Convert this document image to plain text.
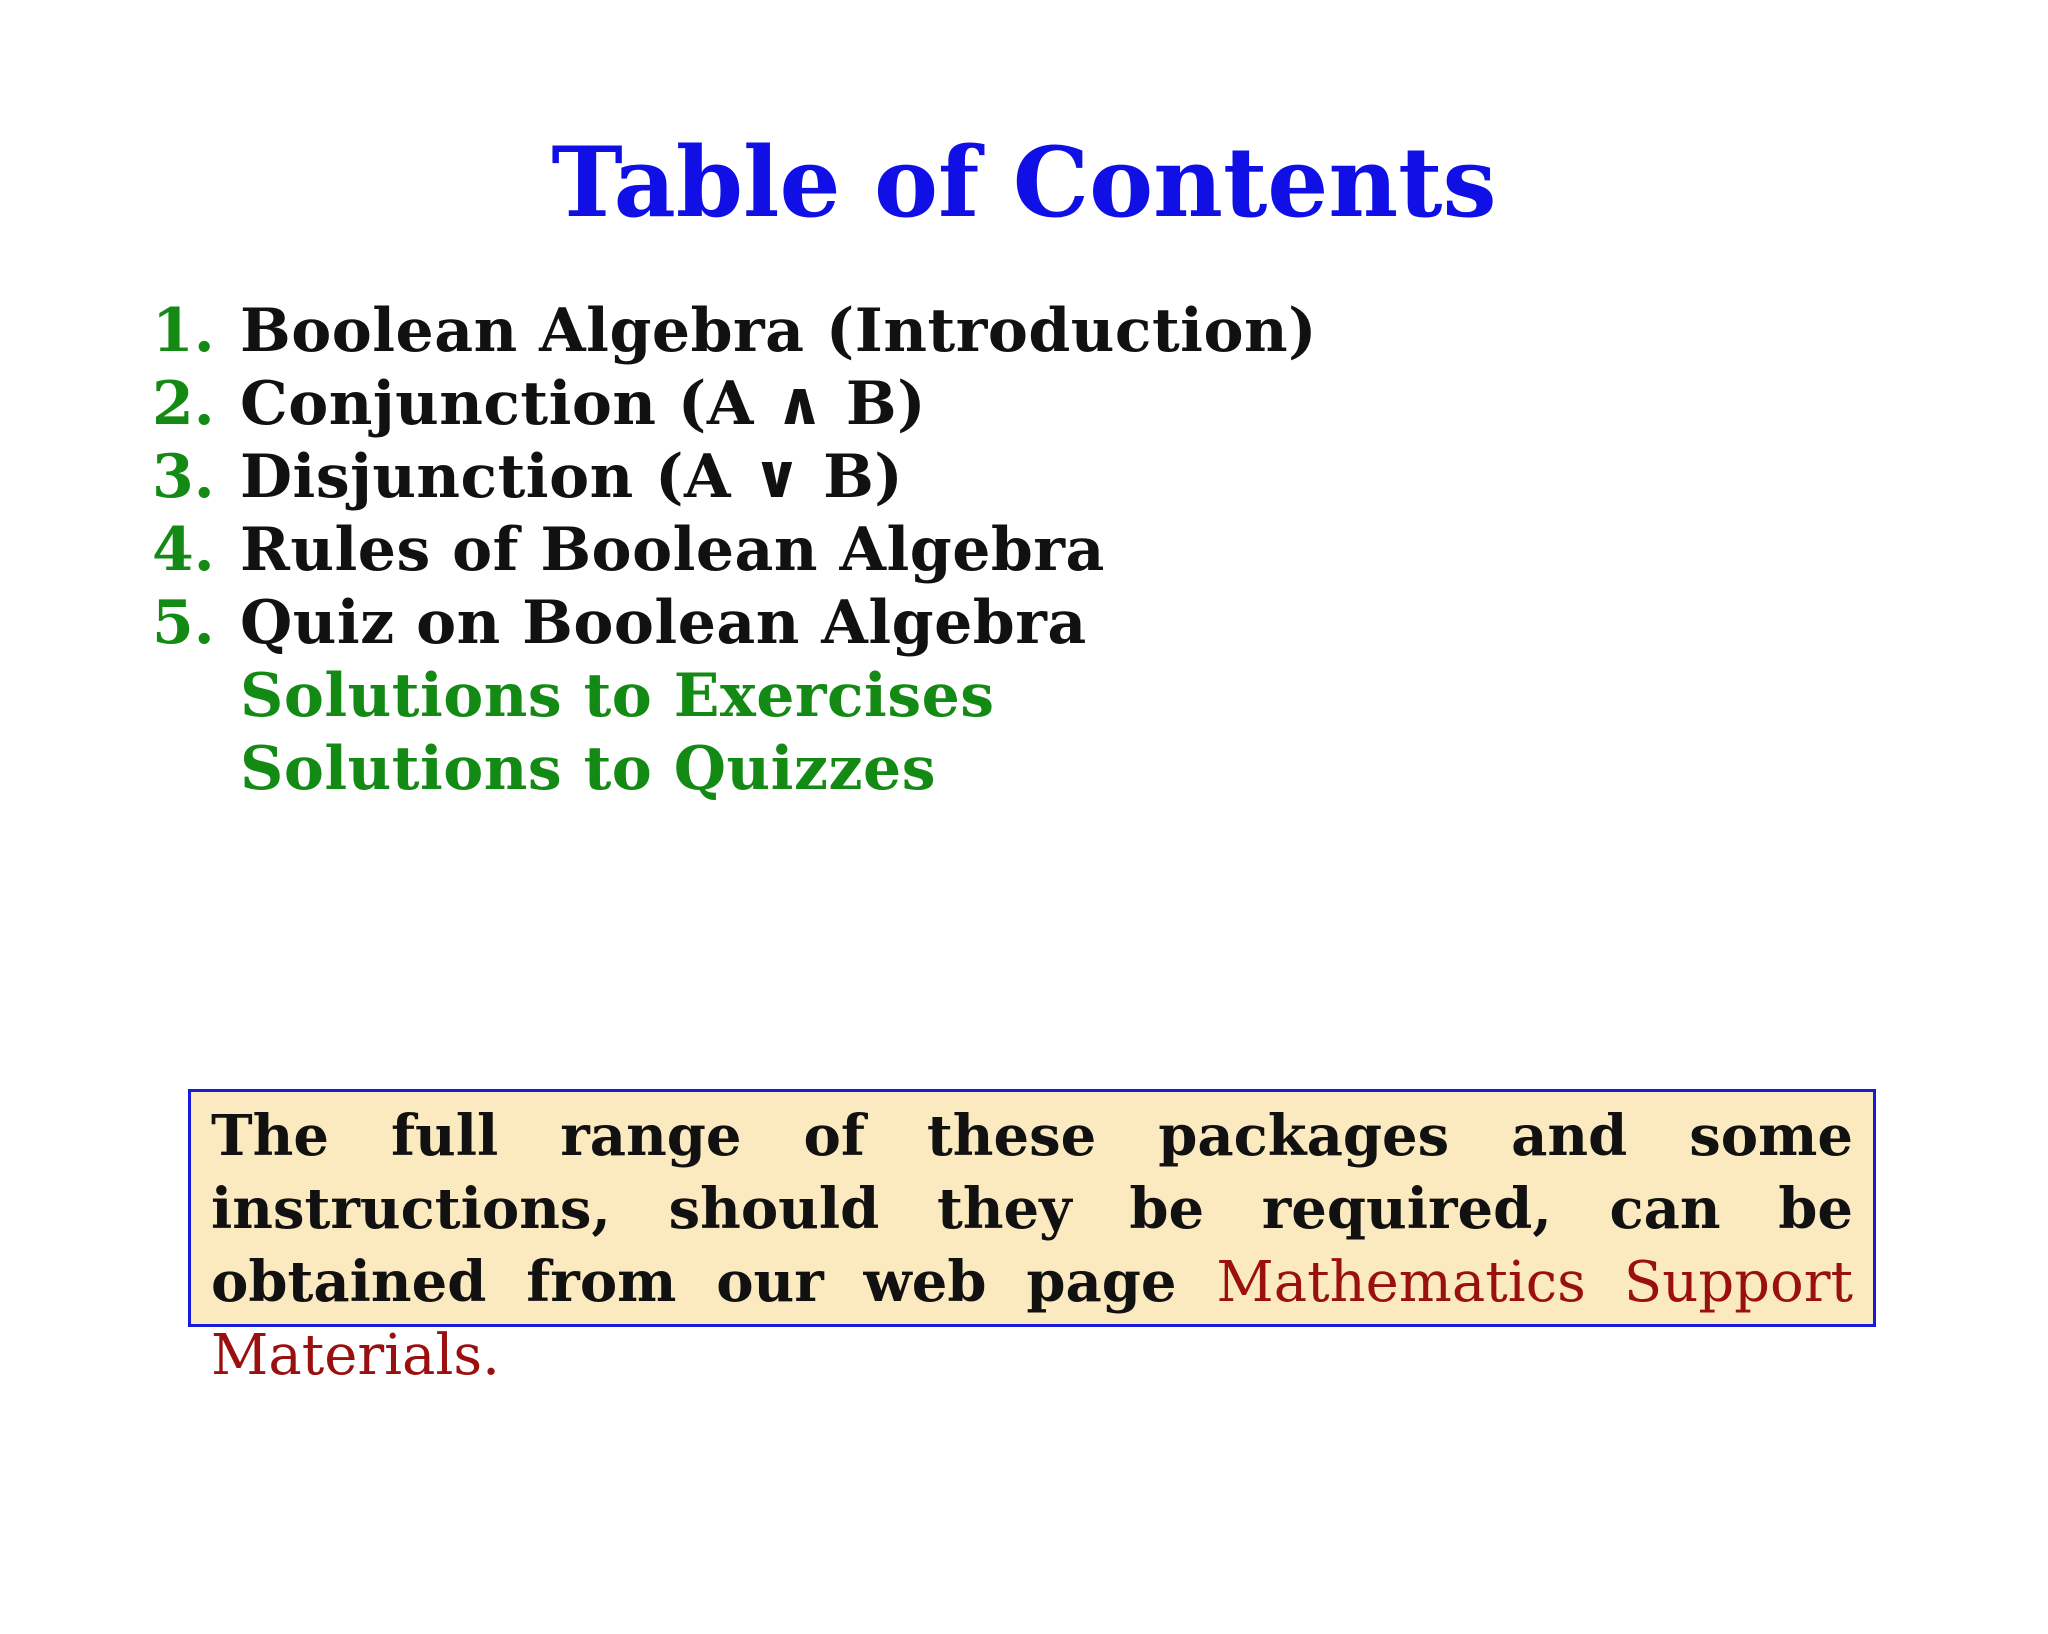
Table of Contents
1. Boolean Algebra (Introduction)
2. Conjunction (A ∧ B)
3. Disjunction (A ∨ B)
4. Rules of Boolean Algebra
5. Quiz on Boolean Algebra
Solutions to Exercises
Solutions to Quizzes
The full range of these packages and some instructions, should they be required, can be obtained from our web page Mathematics Support Materials.
